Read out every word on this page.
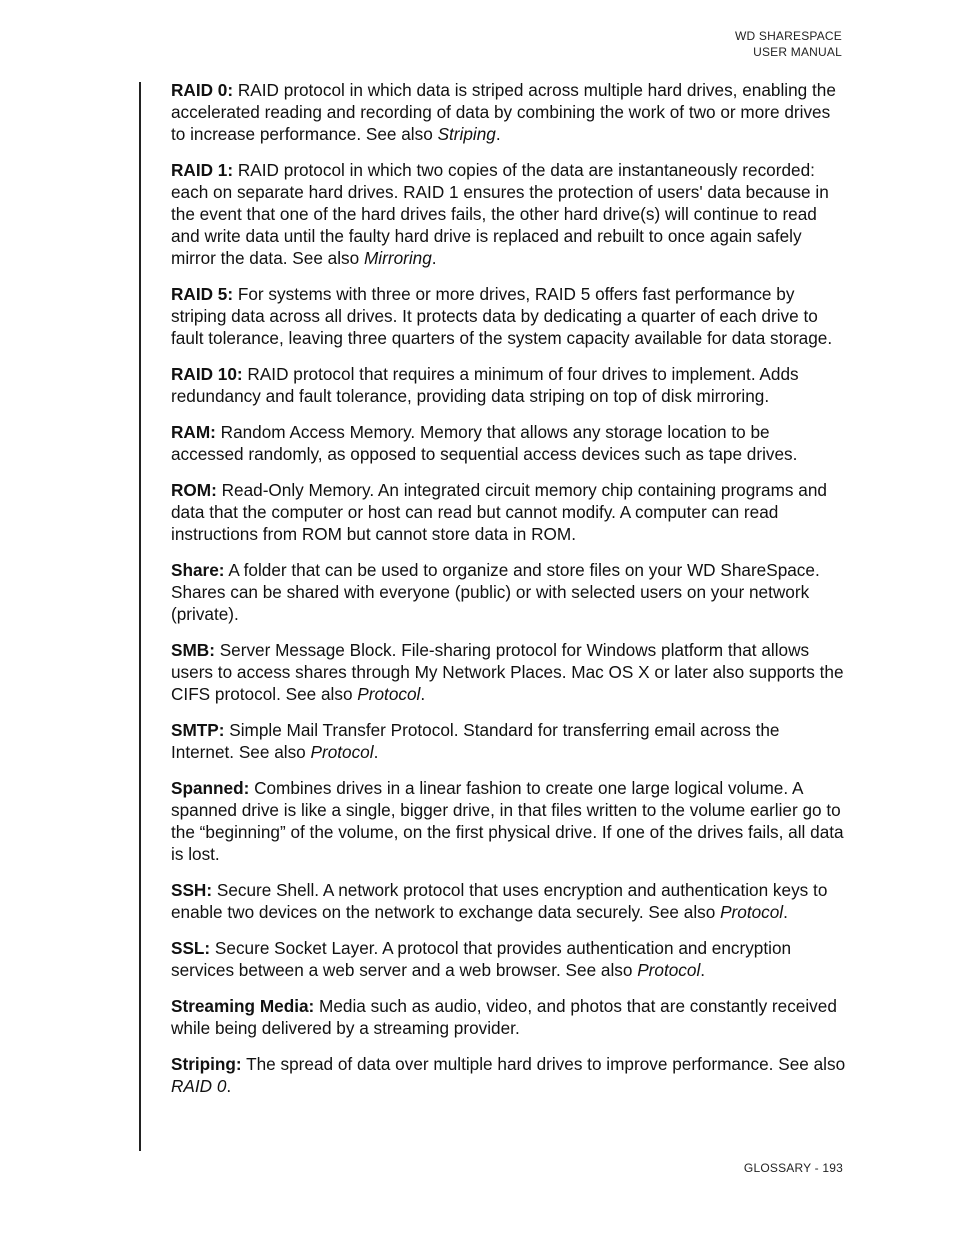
WD SHARESPACE
USER MANUAL

RAID 0: RAID protocol in which data is striped across multiple hard drives, enabling the accelerated reading and recording of data by combining the work of two or more drives to increase performance. See also Striping.

RAID 1: RAID protocol in which two copies of the data are instantaneously recorded: each on separate hard drives. RAID 1 ensures the protection of users' data because in the event that one of the hard drives fails, the other hard drive(s) will continue to read and write data until the faulty hard drive is replaced and rebuilt to once again safely mirror the data. See also Mirroring.

RAID 5: For systems with three or more drives, RAID 5 offers fast performance by striping data across all drives. It protects data by dedicating a quarter of each drive to fault tolerance, leaving three quarters of the system capacity available for data storage.

RAID 10: RAID protocol that requires a minimum of four drives to implement. Adds redundancy and fault tolerance, providing data striping on top of disk mirroring.

RAM: Random Access Memory. Memory that allows any storage location to be accessed randomly, as opposed to sequential access devices such as tape drives.

ROM: Read-Only Memory. An integrated circuit memory chip containing programs and data that the computer or host can read but cannot modify. A computer can read instructions from ROM but cannot store data in ROM.

Share: A folder that can be used to organize and store files on your WD ShareSpace. Shares can be shared with everyone (public) or with selected users on your network (private).

SMB: Server Message Block. File-sharing protocol for Windows platform that allows users to access shares through My Network Places. Mac OS X or later also supports the CIFS protocol. See also Protocol.

SMTP: Simple Mail Transfer Protocol. Standard for transferring email across the Internet. See also Protocol.

Spanned: Combines drives in a linear fashion to create one large logical volume. A spanned drive is like a single, bigger drive, in that files written to the volume earlier go to the “beginning” of the volume, on the first physical drive. If one of the drives fails, all data is lost.

SSH: Secure Shell. A network protocol that uses encryption and authentication keys to enable two devices on the network to exchange data securely. See also Protocol.

SSL: Secure Socket Layer. A protocol that provides authentication and encryption services between a web server and a web browser. See also Protocol.

Streaming Media: Media such as audio, video, and photos that are constantly received while being delivered by a streaming provider.

Striping: The spread of data over multiple hard drives to improve performance. See also RAID 0.

GLOSSARY - 193
